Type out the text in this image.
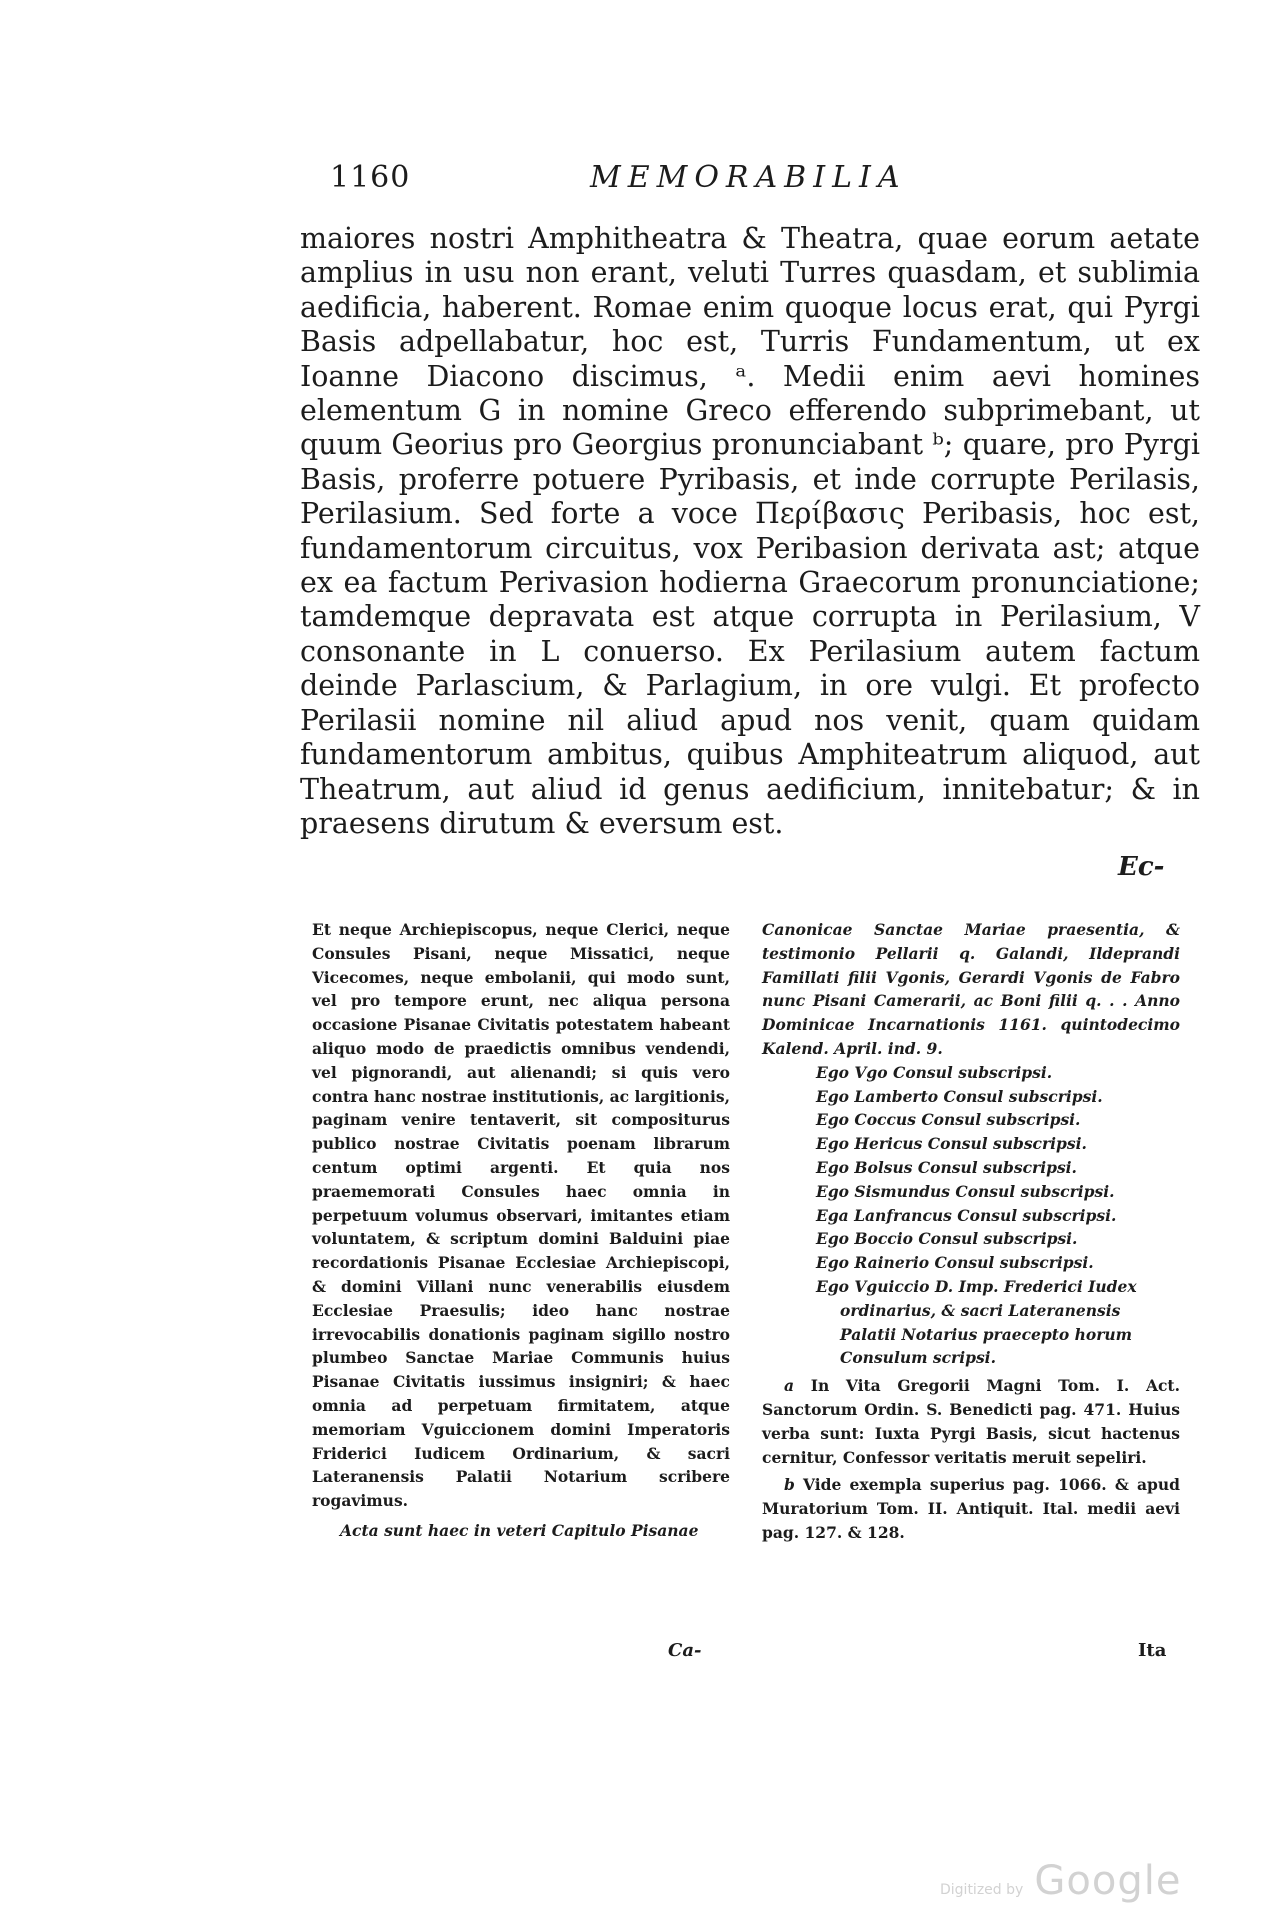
1160	MEMORABILIA

maiores nostri Amphitheatra & Theatra, quae eorum aetate amplius in usu non erant, veluti Turres quasdam, et sublimia aedificia, haberent. Romae enim quoque locus erat, qui Pyrgi Basis adpellabatur, hoc est, Turris Fundamentum, ut ex Ioanne Diacono discimus, ᵃ. Medii enim aevi homines elementum G in nomine Greco efferendo subprimebant, ut quum Georius pro Georgius pronunciabant ᵇ; quare, pro Pyrgi Basis, proferre potuere Pyribasis, et inde corrupte Perilasis, Perilasium. Sed forte a voce Περίβασις Peribasis, hoc est, fundamentorum circuitus, vox Peribasion derivata ast; atque ex ea factum Perivasion hodierna Graecorum pronunciatione; tamdemque depravata est atque corrupta in Perilasium, V consonante in L conuerso. Ex Perilasium autem factum deinde Parlascium, & Parlagium, in ore vulgi. Et profecto Perilasii nomine nil aliud apud nos venit, quam quidam fundamentorum ambitus, quibus Amphiteatrum aliquod, aut Theatrum, aut aliud id genus aedificium, innitebatur; & in praesens dirutum & eversum est.

Ec-

Et neque Archiepiscopus, neque Clerici, neque Consules Pisani, neque Missatici, neque Vicecomes, neque embolanii, qui modo sunt, vel pro tempore erunt, nec aliqua persona occasione Pisanae Civitatis potestatem habeant aliquo modo de praedictis omnibus vendendi, vel pignorandi, aut alienandi; si quis vero contra hanc nostrae institutionis, ac largitionis, paginam venire tentaverit, sit compositurus publico nostrae Civitatis poenam librarum centum optimi argenti. Et quia nos praememorati Consules haec omnia in perpetuum volumus observari, imitantes etiam voluntatem, & scriptum domini Balduini piae recordationis Pisanae Ecclesiae Archiepiscopi, & domini Villani nunc venerabilis eiusdem Ecclesiae Praesulis; ideo hanc nostrae irrevocabilis donationis paginam sigillo nostro plumbeo Sanctae Mariae Communis huius Pisanae Civitatis iussimus insigniri; & haec omnia ad perpetuam firmitatem, atque memoriam Vguiccionem domini Imperatoris Friderici Iudicem Ordinarium, & sacri Lateranensis Palatii Notarium scribere rogavimus.

Acta sunt haec in veteri Capitulo Pisanae

Canonicae Sanctae Mariae praesentia, & testimonio Pellarii q. Galandi, Ildeprandi Famillati filii Vgonis, Gerardi Vgonis de Fabro nunc Pisani Camerarii, ac Boni filii q. . . Anno Dominicae Incarnationis 1161. quintodecimo Kalend. April. ind. 9.

Ego Vgo Consul subscripsi.
Ego Lamberto Consul subscripsi.
Ego Coccus Consul subscripsi.
Ego Hericus Consul subscripsi.
Ego Bolsus Consul subscripsi.
Ego Sismundus Consul subscripsi.
Ega Lanfrancus Consul subscripsi.
Ego Boccio Consul subscripsi.
Ego Rainerio Consul subscripsi.
Ego Vguiccio D. Imp. Frederici Iudex ordinarius, & sacri Lateranensis Palatii Notarius praecepto horum Consulum scripsi.

a In Vita Gregorii Magni Tom. I. Act. Sanctorum Ordin. S. Benedicti pag. 471. Huius verba sunt: Iuxta Pyrgi Basis, sicut hactenus cernitur, Confessor veritatis meruit sepeliri.

b Vide exempla superius pag. 1066. & apud Muratorium Tom. II. Antiquit. Ital. medii aevi pag. 127. & 128.

Ca-	Ita
Digitized by Google
